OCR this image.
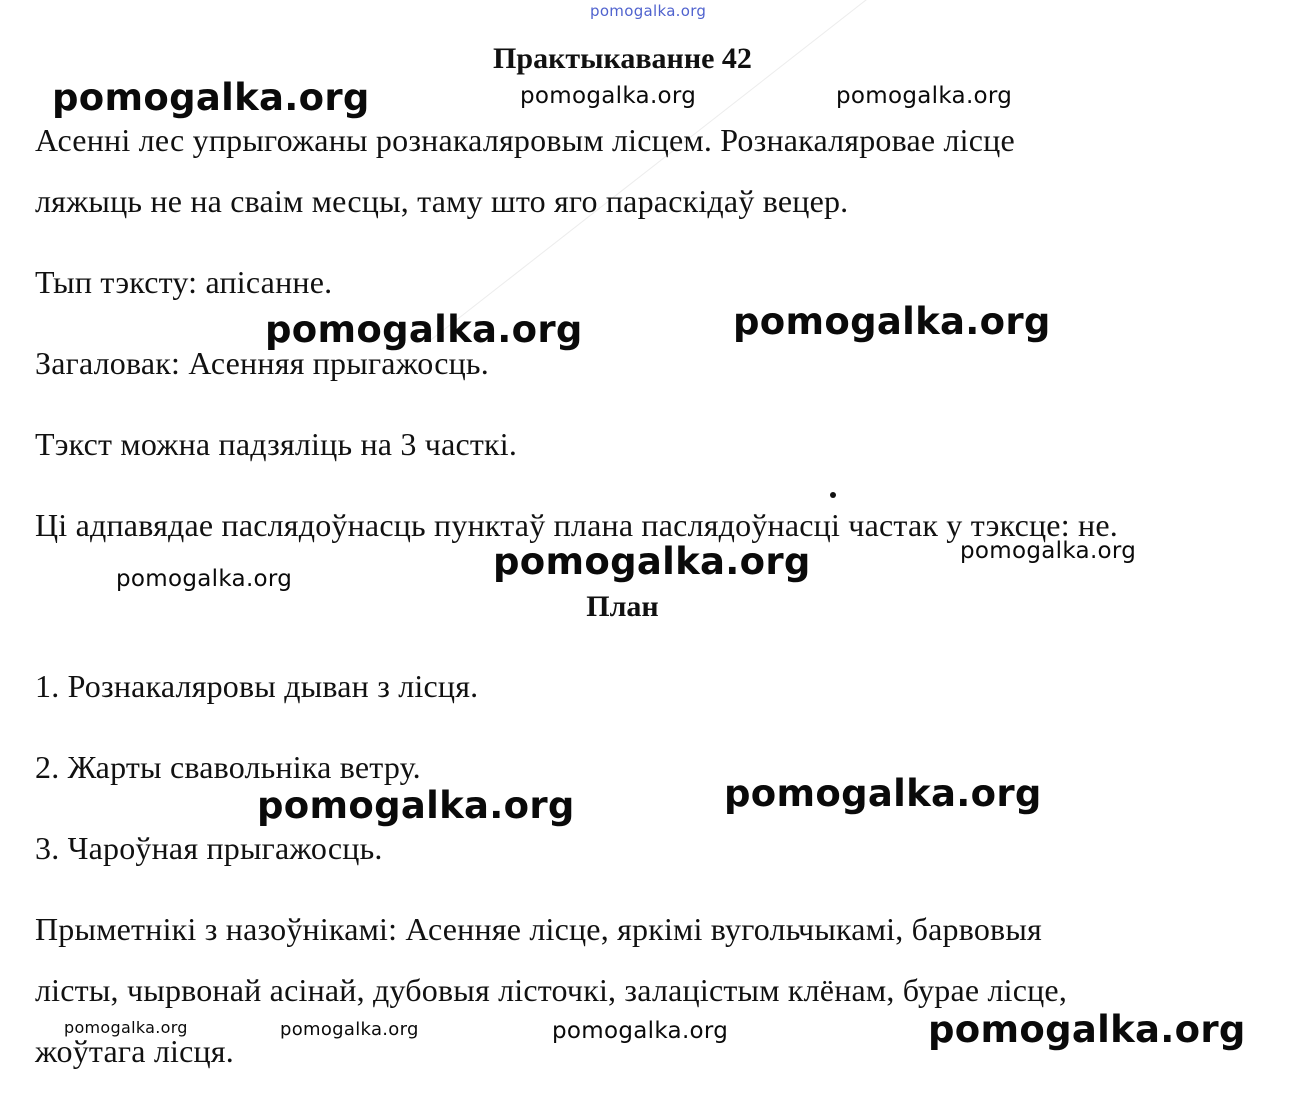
pomogalka.org
Практыкаванне 42
Асенні лес упрыгожаны рознакаляровым лісцем. Рознакаляровае лісце
ляжыць не на сваім месцы, таму што яго параскідаў вецер.
Тып тэксту: апісанне.
Загаловак: Асенняя прыгажосць.
Тэкст можна падзяліць на 3 часткі.
Ці адпавядае паслядоўнасць пунктаў плана паслядоўнасці частак у тэксце: не.
План
1. Рознакаляровы дыван з лісця.
2. Жарты свавольніка ветру.
3. Чароўная прыгажосць.
Прыметнікі з назоўнікамі: Асенняе лісце, яркімі вугольчыкамі, барвовыя
лісты, чырвонай асінай, дубовыя лісточкі, залацістым клёнам, бурае лісце,
жоўтага лісця.
pomogalka.org	pomogalka.org	pomogalka.org
pomogalka.org	pomogalka.org
pomogalka.org	pomogalka.org
pomogalka.org
pomogalka.org	pomogalka.org
pomogalka.org	pomogalka.org	pomogalka.org	pomogalka.org
